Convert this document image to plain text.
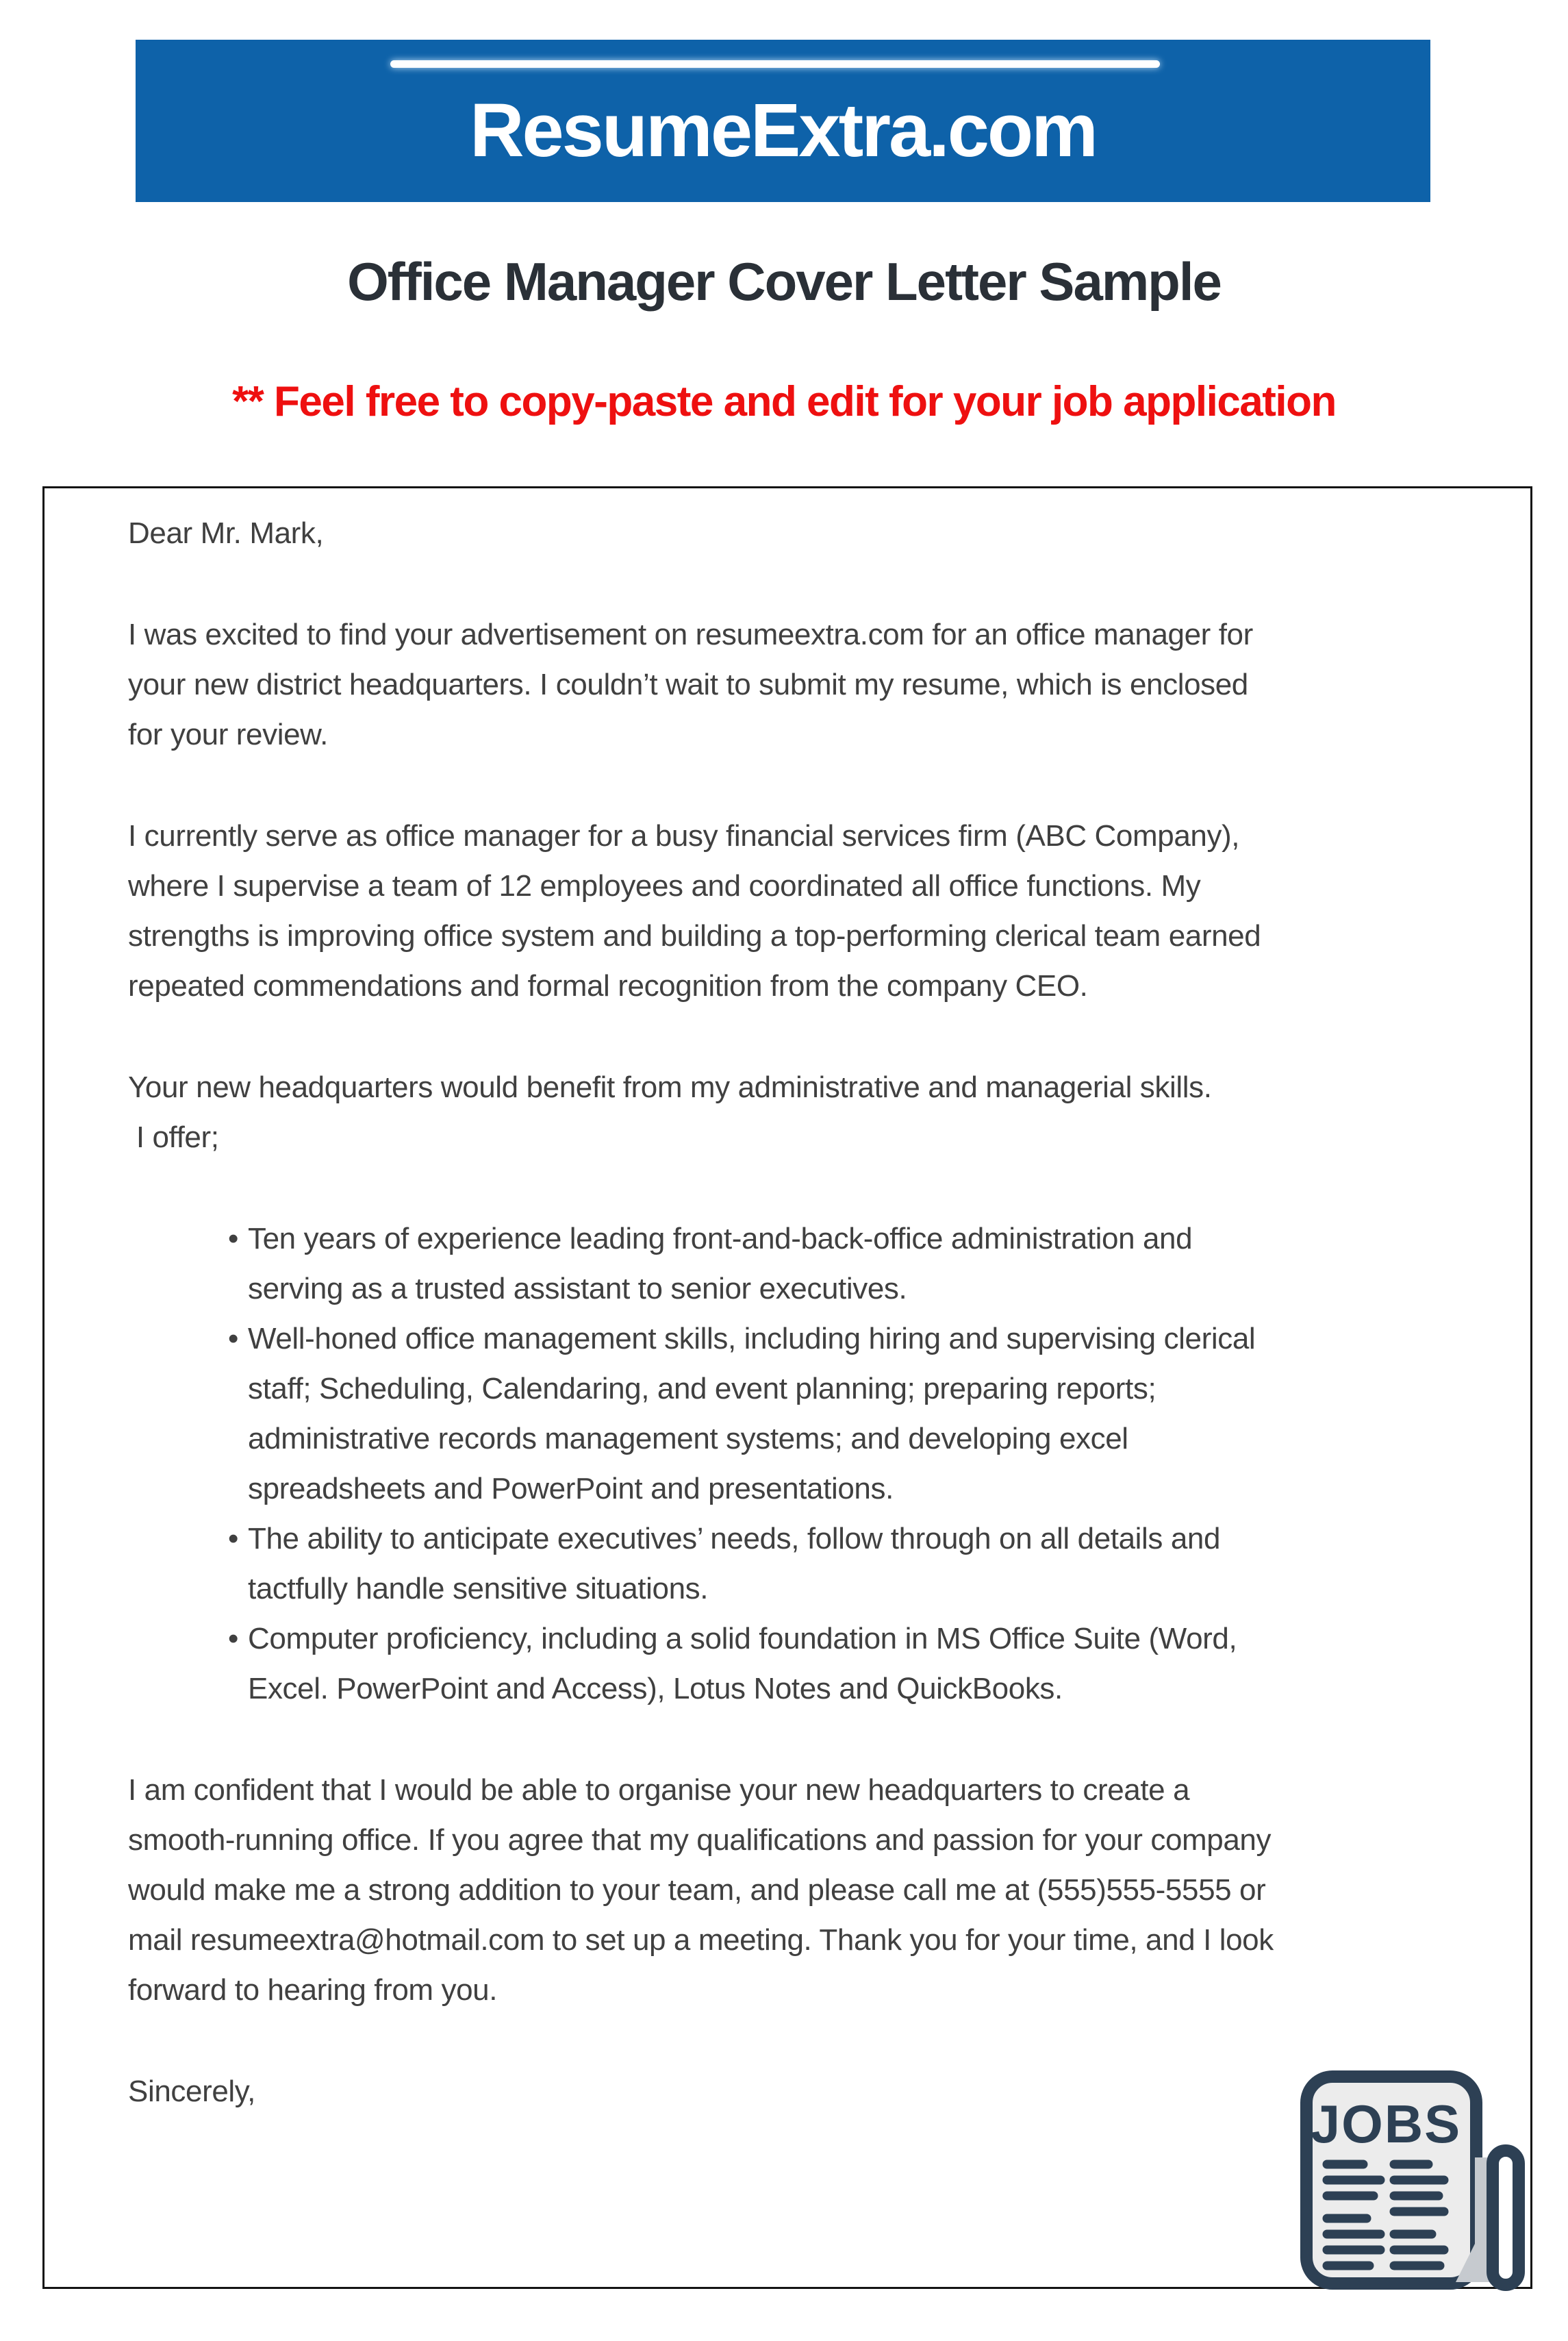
ResumeExtra.com
Office Manager Cover Letter Sample
** Feel free to copy-paste and edit for your job application
Dear Mr. Mark,
I was excited to find your advertisement on resumeextra.com for an office manager for
your new district headquarters. I couldn’t wait to submit my resume, which is enclosed
for your review.
I currently serve as office manager for a busy financial services firm (ABC Company),
where I supervise a team of 12 employees and coordinated all office functions. My
strengths is improving office system and building a top-performing clerical team earned
repeated commendations and formal recognition from the company CEO.
Your new headquarters would benefit from my administrative and managerial skills.
I offer;
• Ten years of experience leading front-and-back-office administration and
serving as a trusted assistant to senior executives.
• Well-honed office management skills, including hiring and supervising clerical
staff; Scheduling, Calendaring, and event planning; preparing reports;
administrative records management systems; and developing excel
spreadsheets and PowerPoint and presentations.
• The ability to anticipate executives’ needs, follow through on all details and
tactfully handle sensitive situations.
• Computer proficiency, including a solid foundation in MS Office Suite (Word,
Excel. PowerPoint and Access), Lotus Notes and QuickBooks.
I am confident that I would be able to organise your new headquarters to create a
smooth-running office. If you agree that my qualifications and passion for your company
would make me a strong addition to your team, and please call me at (555)555-5555 or
mail resumeextra@hotmail.com to set up a meeting. Thank you for your time, and I look
forward to hearing from you.
Sincerely,
JOBS
